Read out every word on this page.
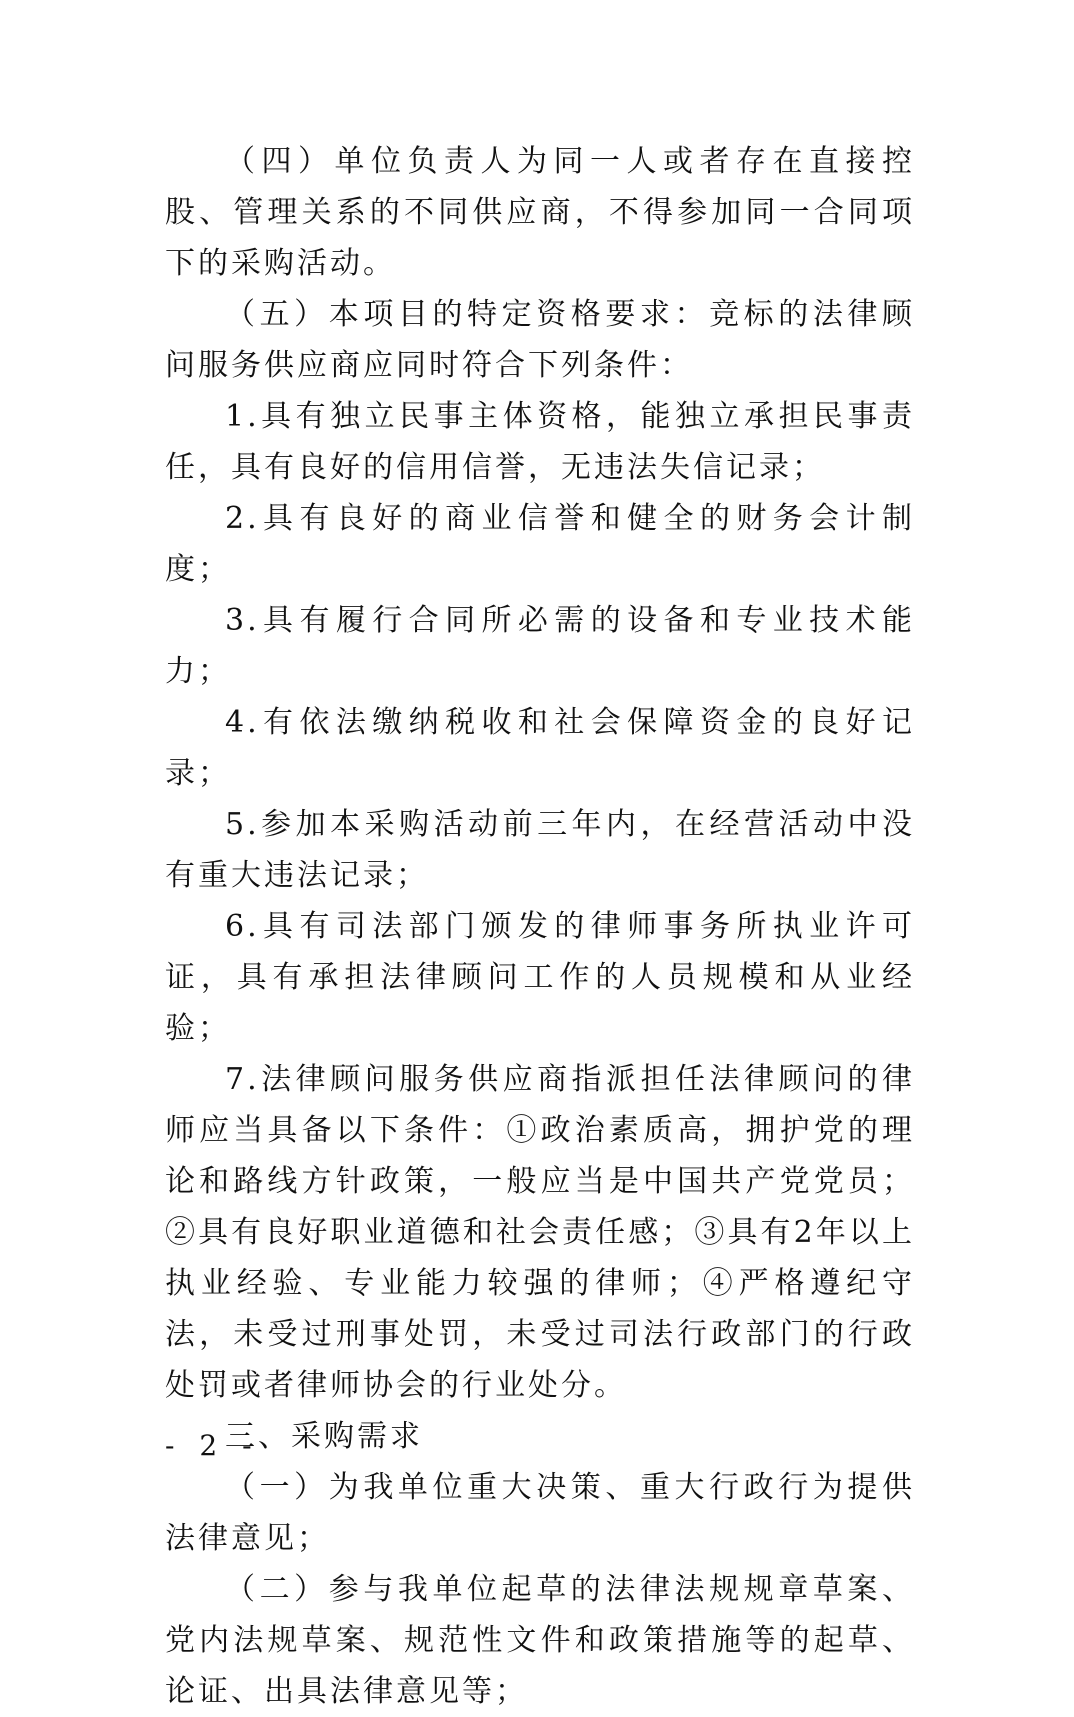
（四）单位负责人为同一人或者存在直接控股、管理关系的不同供应商，不得参加同一合同项下的采购活动。

（五）本项目的特定资格要求：竞标的法律顾问服务供应商应同时符合下列条件：

1.具有独立民事主体资格，能独立承担民事责任，具有良好的信用信誉，无违法失信记录；

2.具有良好的商业信誉和健全的财务会计制度；

3.具有履行合同所必需的设备和专业技术能力；

4.有依法缴纳税收和社会保障资金的良好记录；

5.参加本采购活动前三年内，在经营活动中没有重大违法记录；

6.具有司法部门颁发的律师事务所执业许可证，具有承担法律顾问工作的人员规模和从业经验；

7.法律顾问服务供应商指派担任法律顾问的律师应当具备以下条件：①政治素质高，拥护党的理论和路线方针政策，一般应当是中国共产党党员；②具有良好职业道德和社会责任感；③具有2年以上执业经验、专业能力较强的律师；④严格遵纪守法，未受过刑事处罚，未受过司法行政部门的行政处罚或者律师协会的行业处分。

三、采购需求

（一）为我单位重大决策、重大行政行为提供法律意见；

（二）参与我单位起草的法律法规规章草案、党内法规草案、规范性文件和政策措施等的起草、论证、出具法律意见等；

- 2 -
